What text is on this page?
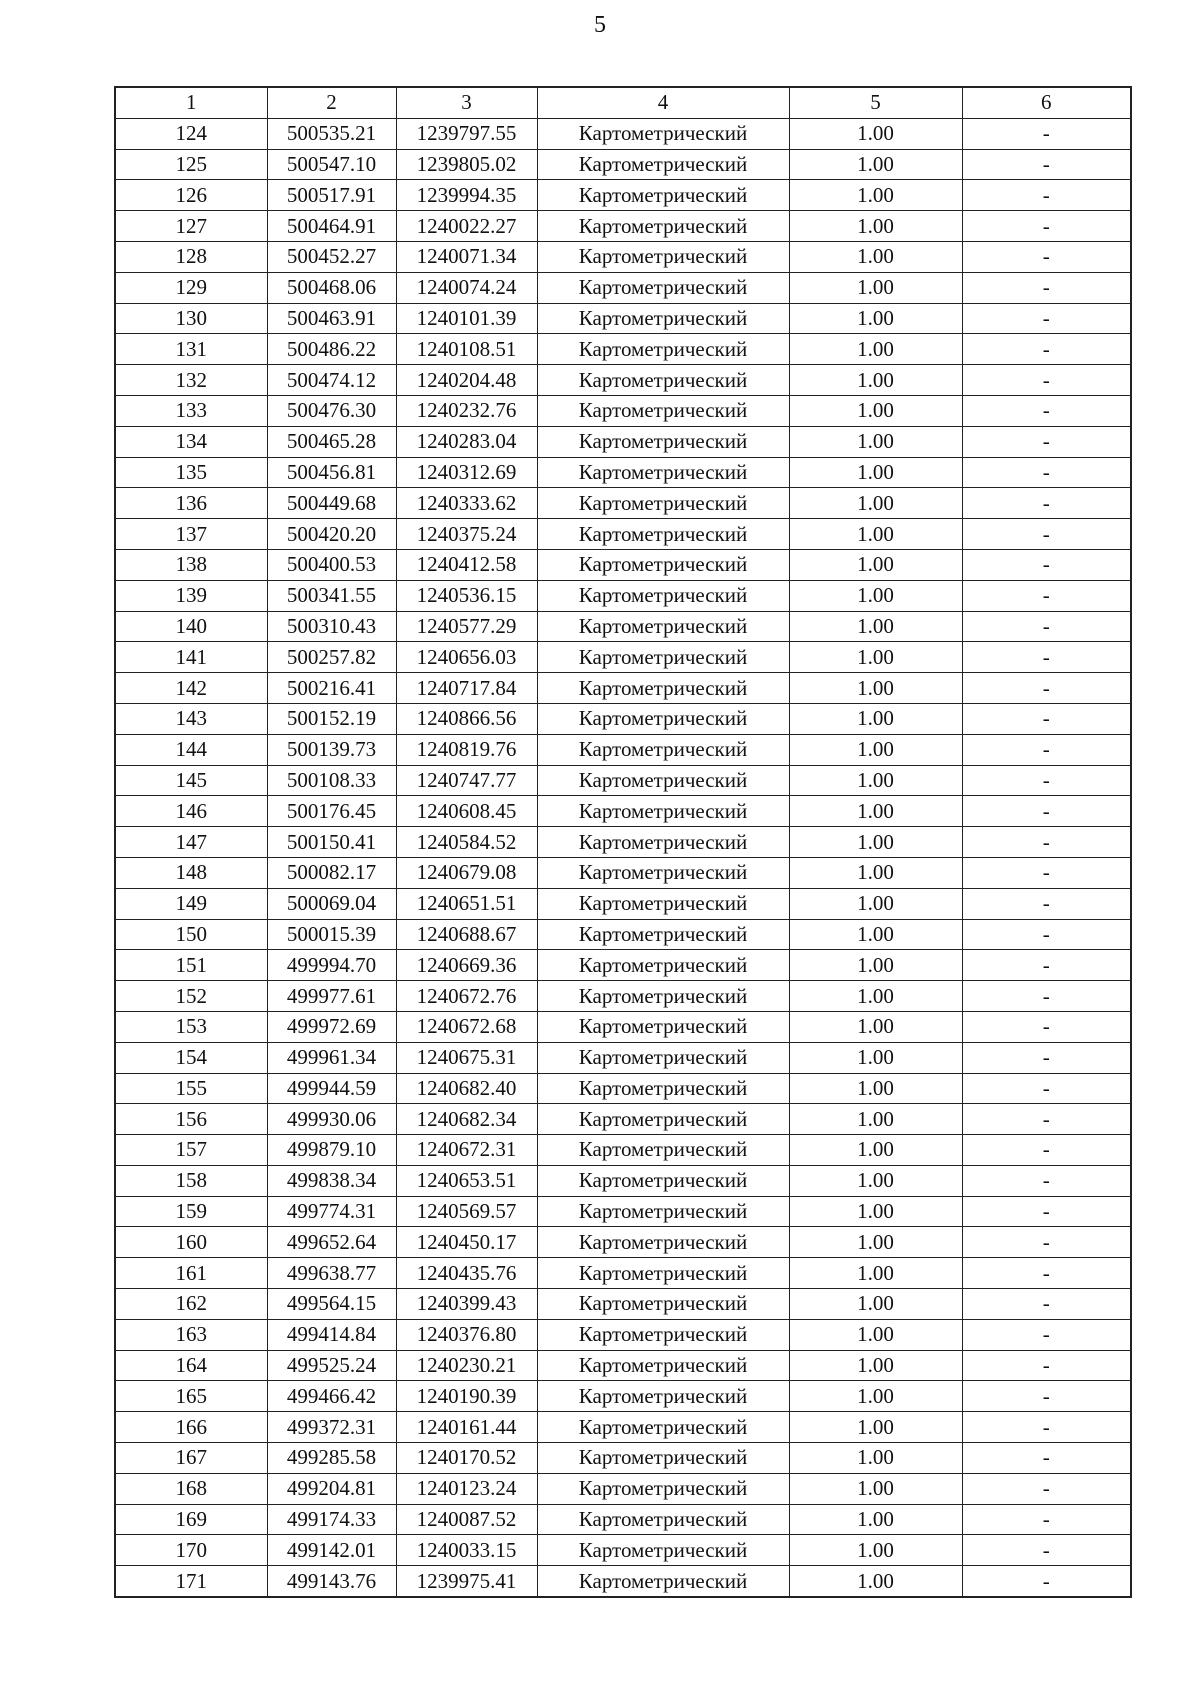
5
1	2	3	4	5	6
124	500535.21	1239797.55	Картометрический	1.00	-
125	500547.10	1239805.02	Картометрический	1.00	-
126	500517.91	1239994.35	Картометрический	1.00	-
127	500464.91	1240022.27	Картометрический	1.00	-
128	500452.27	1240071.34	Картометрический	1.00	-
129	500468.06	1240074.24	Картометрический	1.00	-
130	500463.91	1240101.39	Картометрический	1.00	-
131	500486.22	1240108.51	Картометрический	1.00	-
132	500474.12	1240204.48	Картометрический	1.00	-
133	500476.30	1240232.76	Картометрический	1.00	-
134	500465.28	1240283.04	Картометрический	1.00	-
135	500456.81	1240312.69	Картометрический	1.00	-
136	500449.68	1240333.62	Картометрический	1.00	-
137	500420.20	1240375.24	Картометрический	1.00	-
138	500400.53	1240412.58	Картометрический	1.00	-
139	500341.55	1240536.15	Картометрический	1.00	-
140	500310.43	1240577.29	Картометрический	1.00	-
141	500257.82	1240656.03	Картометрический	1.00	-
142	500216.41	1240717.84	Картометрический	1.00	-
143	500152.19	1240866.56	Картометрический	1.00	-
144	500139.73	1240819.76	Картометрический	1.00	-
145	500108.33	1240747.77	Картометрический	1.00	-
146	500176.45	1240608.45	Картометрический	1.00	-
147	500150.41	1240584.52	Картометрический	1.00	-
148	500082.17	1240679.08	Картометрический	1.00	-
149	500069.04	1240651.51	Картометрический	1.00	-
150	500015.39	1240688.67	Картометрический	1.00	-
151	499994.70	1240669.36	Картометрический	1.00	-
152	499977.61	1240672.76	Картометрический	1.00	-
153	499972.69	1240672.68	Картометрический	1.00	-
154	499961.34	1240675.31	Картометрический	1.00	-
155	499944.59	1240682.40	Картометрический	1.00	-
156	499930.06	1240682.34	Картометрический	1.00	-
157	499879.10	1240672.31	Картометрический	1.00	-
158	499838.34	1240653.51	Картометрический	1.00	-
159	499774.31	1240569.57	Картометрический	1.00	-
160	499652.64	1240450.17	Картометрический	1.00	-
161	499638.77	1240435.76	Картометрический	1.00	-
162	499564.15	1240399.43	Картометрический	1.00	-
163	499414.84	1240376.80	Картометрический	1.00	-
164	499525.24	1240230.21	Картометрический	1.00	-
165	499466.42	1240190.39	Картометрический	1.00	-
166	499372.31	1240161.44	Картометрический	1.00	-
167	499285.58	1240170.52	Картометрический	1.00	-
168	499204.81	1240123.24	Картометрический	1.00	-
169	499174.33	1240087.52	Картометрический	1.00	-
170	499142.01	1240033.15	Картометрический	1.00	-
171	499143.76	1239975.41	Картометрический	1.00	-
